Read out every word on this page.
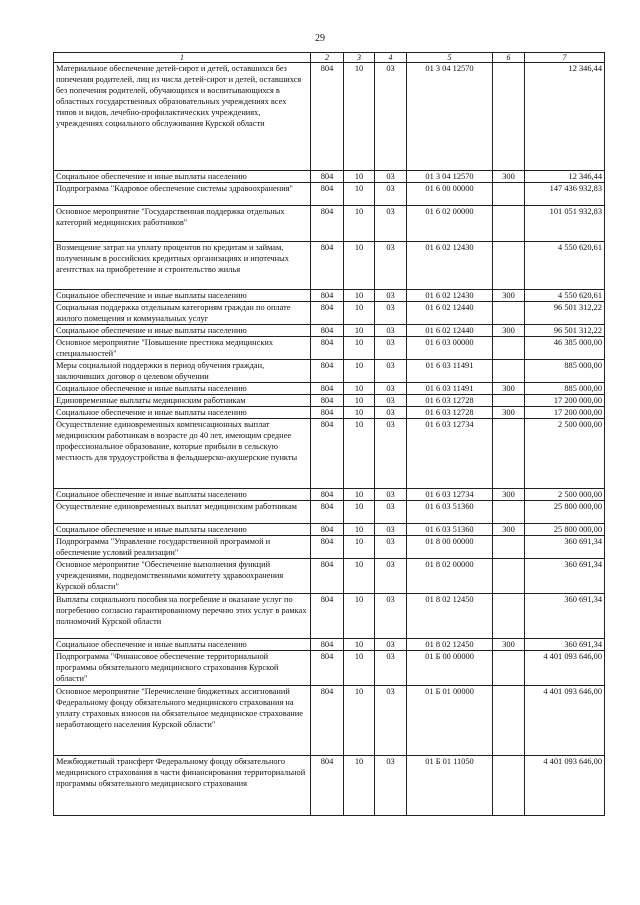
29
1	2	3	4	5	6	7
Материальное обеспечение детей-сирот и детей, оставшихся без попечения родителей, лиц из числа детей-сирот и детей, оставшихся без попечения родителей, обучающихся и воспитывающихся в областных государственных образовательных учреждениях всех типов и видов, лечебно-профилактических учреждениях, учреждениях социального обслуживания Курской области	804	10	03	01 3 04 12570		12 346,44
Социальное обеспечение и иные выплаты населению	804	10	03	01 3 04 12570	300	12 346,44
Подпрограмма "Кадровое обеспечение системы здравоохранения"	804	10	03	01 6 00 00000		147 436 932,83
Основное мероприятие "Государственная поддержка отдельных категорий медицинских работников"	804	10	03	01 6 02 00000		101 051 932,83
Возмещение затрат на уплату процентов по кредитам и займам, полученным в российских кредитных организациях и ипотечных агентствах на приобретение и строительство жилья	804	10	03	01 6 02 12430		4 550 620,61
Социальное обеспечение и иные выплаты населению	804	10	03	01 6 02 12430	300	4 550 620,61
Социальная поддержка отдельным категориям граждан по оплате жилого помещения и коммунальных услуг	804	10	03	01 6 02 12440		96 501 312,22
Социальное обеспечение и иные выплаты населению	804	10	03	01 6 02 12440	300	96 501 312,22
Основное мероприятие "Повышение престижа медицинских специальностей"	804	10	03	01 6 03 00000		46 385 000,00
Меры социальной поддержки в период обучения граждан, заключивших договор о целевом обучении	804	10	03	01 6 03 11491		885 000,00
Социальное обеспечение и иные выплаты населению	804	10	03	01 6 03 11491	300	885 000,00
Единовременные выплаты медицинским работникам	804	10	03	01 6 03 12728		17 200 000,00
Социальное обеспечение и иные выплаты населению	804	10	03	01 6 03 12728	300	17 200 000,00
Осуществление единовременных компенсационных выплат медицинским работникам в возрасте до 40 лет, имеющим среднее профессиональное образование, которые прибыли в сельскую местность для трудоустройства в фельдшерско-акушерские пункты	804	10	03	01 6 03 12734		2 500 000,00
Социальное обеспечение и иные выплаты населению	804	10	03	01 6 03 12734	300	2 500 000,00
Осуществление единовременных выплат медицинским работникам	804	10	03	01 6 03 51360		25 800 000,00
Социальное обеспечение и иные выплаты населению	804	10	03	01 6 03 51360	300	25 800 000,00
Подпрограмма "Управление государственной программой и обеспечение условий реализации"	804	10	03	01 8 00 00000		360 691,34
Основное мероприятие "Обеспечение выполнения функций учреждениями, подведомственными комитету здравоохранения Курской области"	804	10	03	01 8 02 00000		360 691,34
Выплаты социального пособия на погребение и оказание услуг по погребению согласно гарантированному перечню этих услуг в рамках полномочий Курской области	804	10	03	01 8 02 12450		360 691,34
Социальное обеспечение и иные выплаты населению	804	10	03	01 8 02 12450	300	360 691,34
Подпрограмма "Финансовое обеспечение территориальной программы обязательного медицинского страхования Курской области"	804	10	03	01 Б 00 00000		4 401 093 646,00
Основное мероприятие "Перечисление бюджетных ассигнований Федеральному фонду обязательного медицинского страхования на уплату страховых взносов на обязательное медицинское страхование неработающего населения Курской области"	804	10	03	01 Б 01 00000		4 401 093 646,00
Межбюджетный трансферт Федеральному фонду обязательного медицинского страхования в части финансирования территориальной программы обязательного медицинского страхования	804	10	03	01 Б 01 11050		4 401 093 646,00
